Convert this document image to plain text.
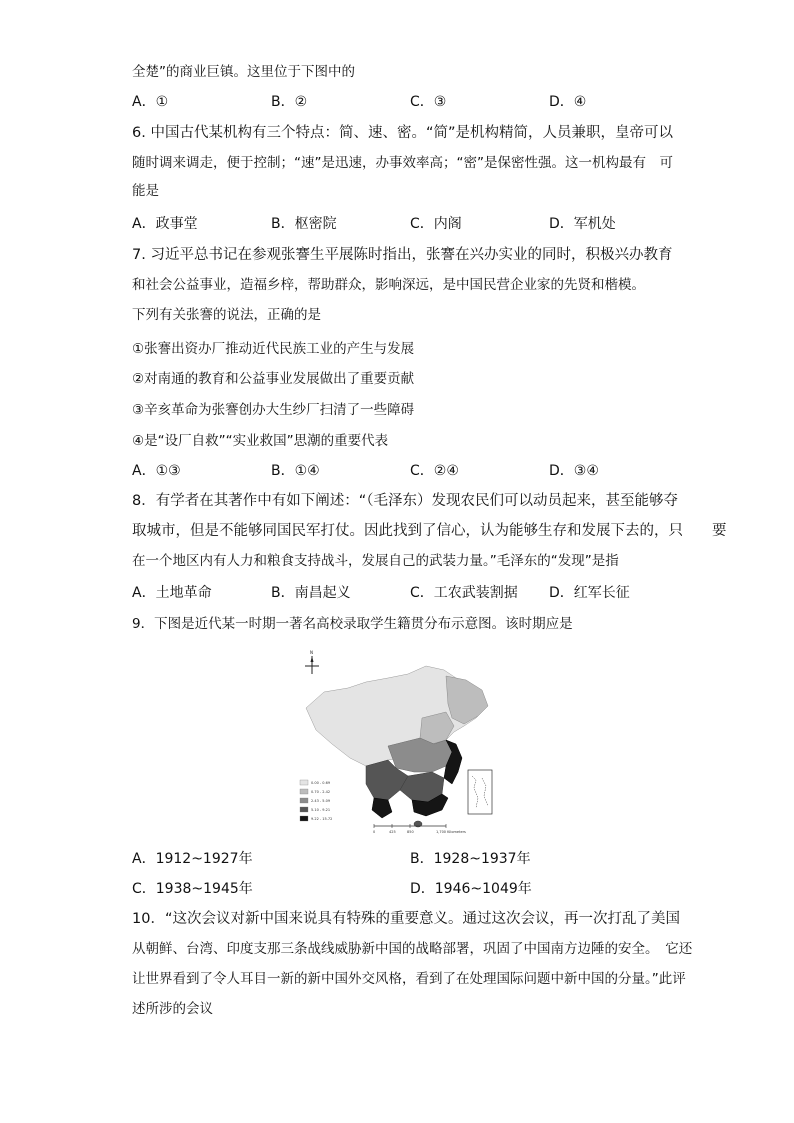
全楚”的商业巨镇。这里位于下图中的
A．①	B．②	C．③	D．④
6. 中国古代某机构有三个特点：简、速、密。“简”是机构精简，人员兼职，皇帝可以
随时调来调走，便于控制；“速”是迅速，办事效率高；“密”是保密性强。这一机构最有　可
能是
A．政事堂	B．枢密院	C．内阁	D．军机处
7. 习近平总书记在参观张謇生平展陈时指出，张謇在兴办实业的同时，积极兴办教育
和社会公益事业，造福乡梓，帮助群众，影响深远，是中国民营企业家的先贤和楷模。
下列有关张謇的说法，正确的是
①张謇出资办厂推动近代民族工业的产生与发展
②对南通的教育和公益事业发展做出了重要贡献
③辛亥革命为张謇创办大生纱厂扫清了一些障碍
④是“设厂自救”“实业救国”思潮的重要代表
A．①③	B．①④	C．②④	D．③④
8．有学者在其著作中有如下阐述：“（毛泽东）发现农民们可以动员起来，甚至能够夺
取城市，但是不能够同国民军打仗。因此找到了信心，认为能够生存和发展下去的，只　　要
在一个地区内有人力和粮食支持战斗，发展自己的武装力量。”毛泽东的“发现”是指
A．土地革命	B．南昌起义	C．工农武装割据 D．红军长征
9．下图是近代某一时期一著名高校录取学生籍贯分布示意图。该时期应是
N
0.00 - 0.69
0.70 - 2.42
2.43 - 5.09
5.10 - 9.21
9.22 - 15.72
0	425	850	1,700 Kilometers
A．1912~1927年	B．1928~1937年
C．1938~1945年	D．1946~1049年
10．“这次会议对新中国来说具有特殊的重要意义。通过这次会议，再一次打乱了美国
从朝鲜、台湾、印度支那三条战线威胁新中国的战略部署，巩固了中国南方边陲的安全。　它还
让世界看到了令人耳目一新的新中国外交风格，看到了在处理国际问题中新中国的分量。”此评
述所涉的会议
